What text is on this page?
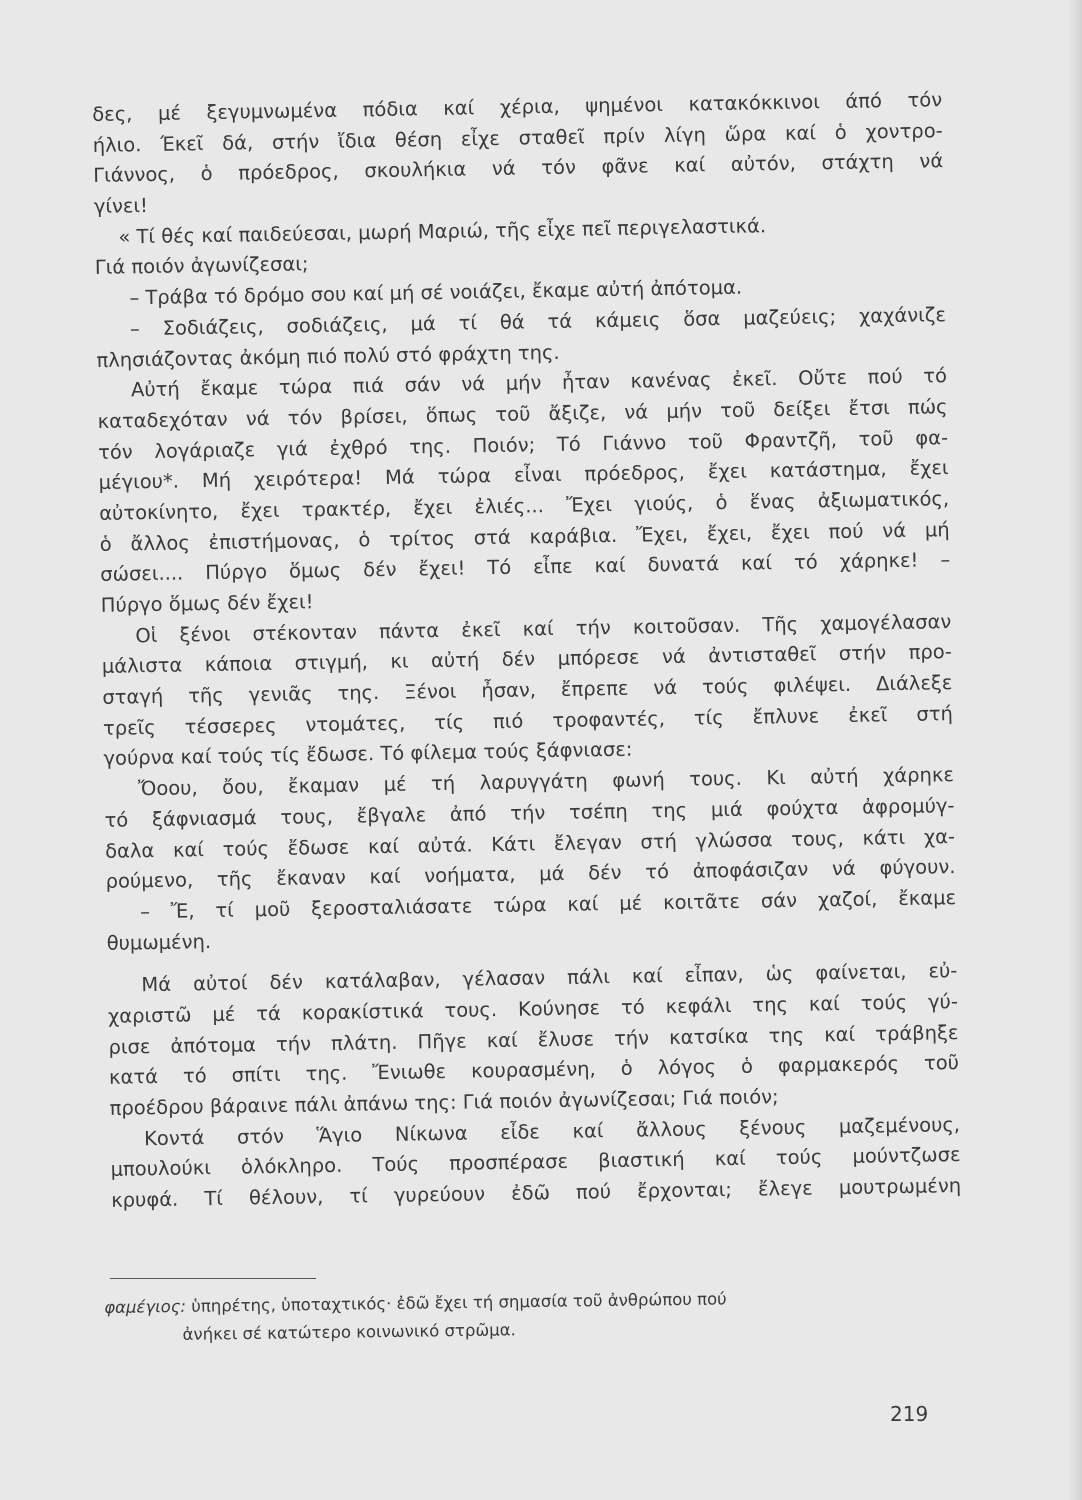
δες, μέ ξεγυμνωμένα πόδια καί χέρια, ψημένοι κατακόκκινοι άπό τόν
ήλιο. Έκεῖ δά, στήν ἴδια θέση εἶχε σταθεῖ πρίν λίγη ὥρα καί ὁ χοντρο-
Γιάννος, ὁ πρόεδρος, σκουλήκια νά τόν φᾶνε καί αὐτόν, στάχτη νά
γίνει!
« Τί θές καί παιδεύεσαι, μωρή Μαριώ, τῆς εἶχε πεῖ περιγελαστικά.
Γιά ποιόν ἀγωνίζεσαι;
– Τράβα τό δρόμο σου καί μή σέ νοιάζει, ἔκαμε αὐτή ἀπότομα.
– Σοδιάζεις, σοδιάζεις, μά τί θά τά κάμεις ὅσα μαζεύεις; χαχάνιζε
πλησιάζοντας ἀκόμη πιό πολύ στό φράχτη της.
Αὐτή ἔκαμε τώρα πιά σάν νά μήν ἦταν κανένας ἐκεῖ. Οὔτε πού τό
καταδεχόταν νά τόν βρίσει, ὅπως τοῦ ἄξιζε, νά μήν τοῦ δείξει ἔτσι πώς
τόν λογάριαζε γιά ἐχθρό της. Ποιόν; Τό Γιάννο τοῦ Φραντζῆ, τοῦ φα-
μέγιου*. Μή χειρότερα! Μά τώρα εἶναι πρόεδρος, ἔχει κατάστημα, ἔχει
αὐτοκίνητο, ἔχει τρακτέρ, ἔχει ἐλιές... Ἔχει γιούς, ὁ ἕνας ἀξιωματικός,
ὁ ἄλλος ἐπιστήμονας, ὁ τρίτος στά καράβια. Ἔχει, ἔχει, ἔχει πού νά μή
σώσει.... Πύργο ὅμως δέν ἔχει! Τό εἶπε καί δυνατά καί τό χάρηκε! –
Πύργο ὅμως δέν ἔχει!
Οἱ ξένοι στέκονταν πάντα ἐκεῖ καί τήν κοιτοῦσαν. Τῆς χαμογέλασαν
μάλιστα κάποια στιγμή, κι αὐτή δέν μπόρεσε νά ἀντισταθεῖ στήν προ-
σταγή τῆς γενιᾶς της. Ξένοι ἦσαν, ἔπρεπε νά τούς φιλέψει. Διάλεξε
τρεῖς τέσσερες ντομάτες, τίς πιό τροφαντές, τίς ἔπλυνε ἐκεῖ στή
γούρνα καί τούς τίς ἔδωσε. Τό φίλεμα τούς ξάφνιασε:
Ὄοου, ὄου, ἔκαμαν μέ τή λαρυγγάτη φωνή τους. Κι αὐτή χάρηκε
τό ξάφνιασμά τους, ἔβγαλε ἀπό τήν τσέπη της μιά φούχτα ἀφρομύγ-
δαλα καί τούς ἔδωσε καί αὐτά. Κάτι ἔλεγαν στή γλώσσα τους, κάτι χα-
ρούμενο, τῆς ἔκαναν καί νοήματα, μά δέν τό ἀποφάσιζαν νά φύγουν.
– Ἔ, τί μοῦ ξεροσταλιάσατε τώρα καί μέ κοιτᾶτε σάν χαζοί, ἔκαμε
θυμωμένη.
Μά αὐτοί δέν κατάλαβαν, γέλασαν πάλι καί εἶπαν, ὡς φαίνεται, εὐ-
χαριστῶ μέ τά κορακίστικά τους. Κούνησε τό κεφάλι της καί τούς γύ-
ρισε ἀπότομα τήν πλάτη. Πῆγε καί ἔλυσε τήν κατσίκα της καί τράβηξε
κατά τό σπίτι της. Ἔνιωθε κουρασμένη, ὁ λόγος ὁ φαρμακερός τοῦ
προέδρου βάραινε πάλι ἀπάνω της: Γιά ποιόν ἀγωνίζεσαι; Γιά ποιόν;
Κοντά στόν Ἅγιο Νίκωνα εἶδε καί ἄλλους ξένους μαζεμένους,
μπουλούκι ὁλόκληρο. Τούς προσπέρασε βιαστική καί τούς μούντζωσε
κρυφά. Τί θέλουν, τί γυρεύουν ἐδῶ πού ἔρχονται; ἔλεγε μουτρωμένη
φαμέγιος: ὑπηρέτης, ὑποταχτικός· ἐδῶ ἔχει τή σημασία τοῦ ἀνθρώπου πού
ἀνήκει σέ κατώτερο κοινωνικό στρῶμα.
219
